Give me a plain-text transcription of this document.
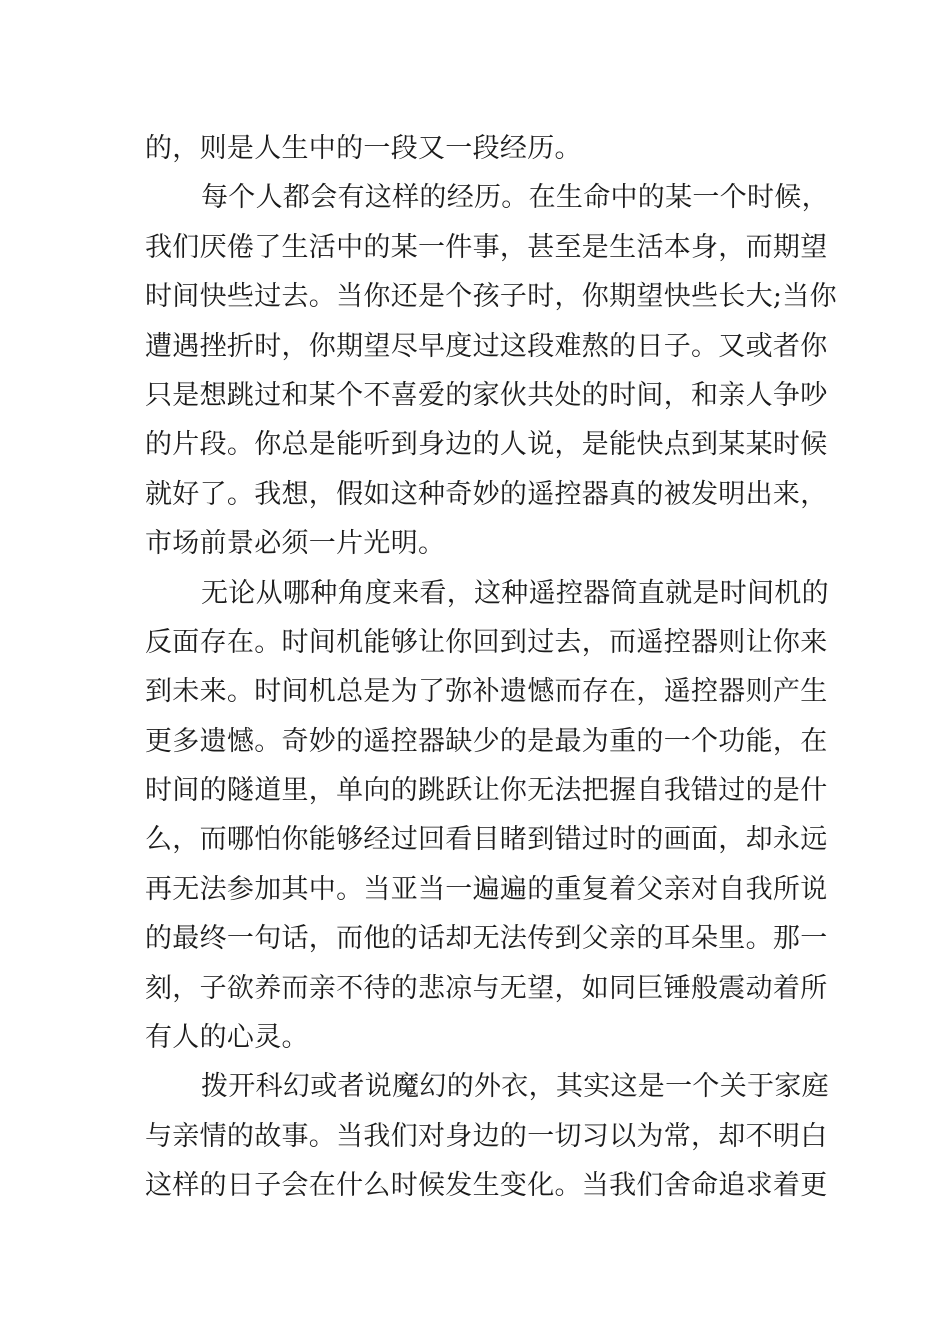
的，则是人生中的一段又一段经历。
每个人都会有这样的经历。在生命中的某一个时候，
我们厌倦了生活中的某一件事，甚至是生活本身，而期望
时间快些过去。当你还是个孩子时，你期望快些长大;当你
遭遇挫折时，你期望尽早度过这段难熬的日子。又或者你
只是想跳过和某个不喜爱的家伙共处的时间，和亲人争吵
的片段。你总是能听到身边的人说，是能快点到某某时候
就好了。我想，假如这种奇妙的遥控器真的被发明出来，
市场前景必须一片光明。
无论从哪种角度来看，这种遥控器简直就是时间机的
反面存在。时间机能够让你回到过去，而遥控器则让你来
到未来。时间机总是为了弥补遗憾而存在，遥控器则产生
更多遗憾。奇妙的遥控器缺少的是最为重的一个功能，在
时间的隧道里，单向的跳跃让你无法把握自我错过的是什
么，而哪怕你能够经过回看目睹到错过时的画面，却永远
再无法参加其中。当亚当一遍遍的重复着父亲对自我所说
的最终一句话，而他的话却无法传到父亲的耳朵里。那一
刻，子欲养而亲不待的悲凉与无望，如同巨锤般震动着所
有人的心灵。
拨开科幻或者说魔幻的外衣，其实这是一个关于家庭
与亲情的故事。当我们对身边的一切习以为常，却不明白
这样的日子会在什么时候发生变化。当我们舍命追求着更
